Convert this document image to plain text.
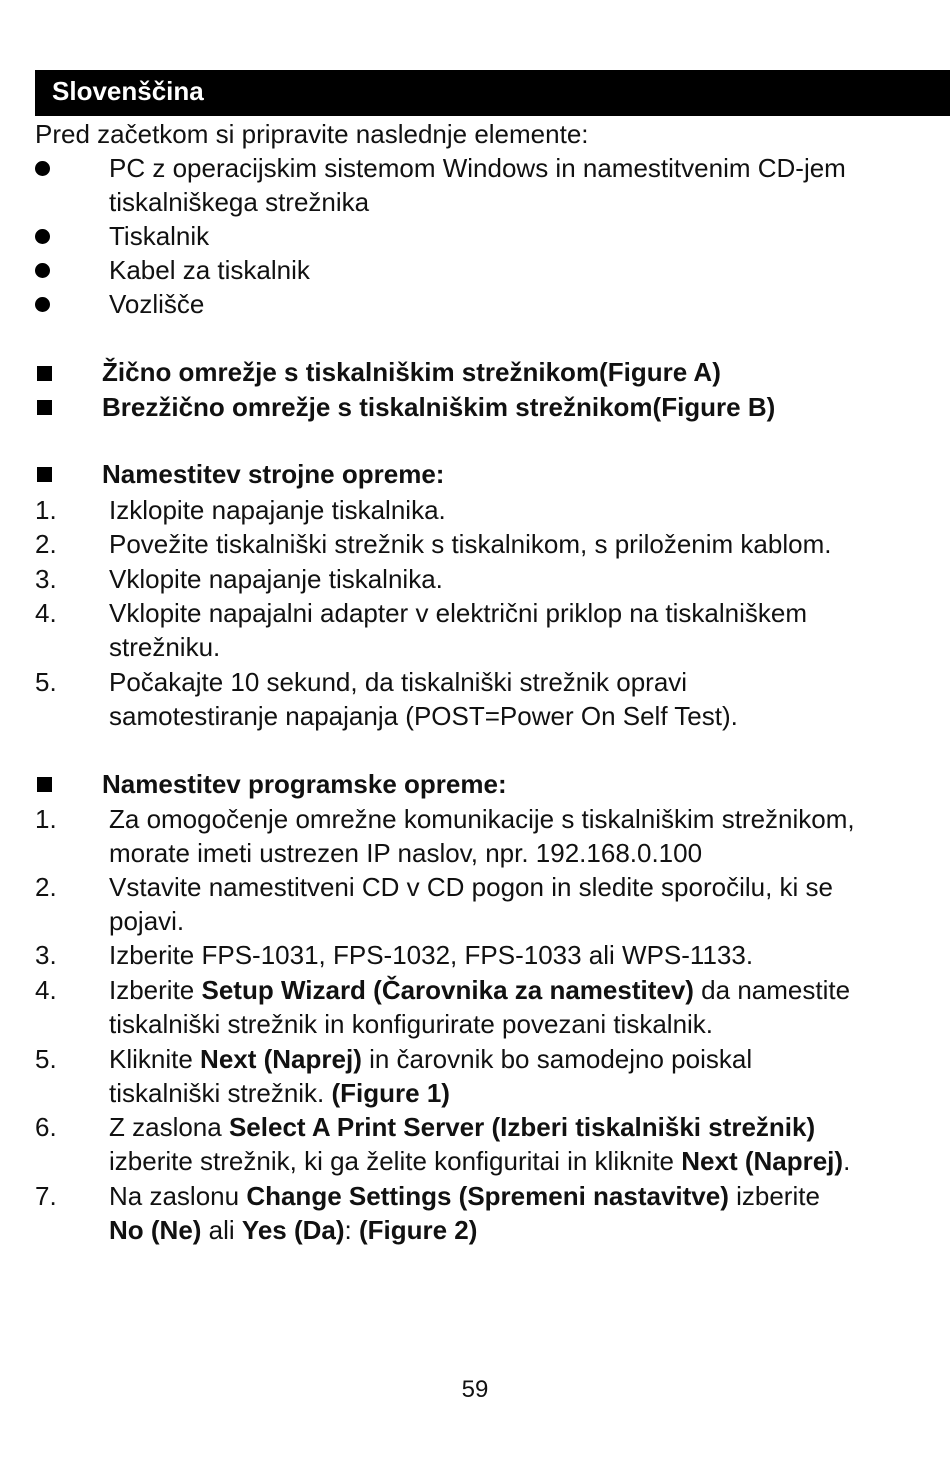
Slovenščina
Pred začetkom si pripravite naslednje elemente:
PC z operacijskim sistemom Windows in namestitvenim CD-jem
tiskalniškega strežnika
Tiskalnik
Kabel za tiskalnik
Vozlišče
Žično omrežje s tiskalniškim strežnikom(Figure A)
Brezžično omrežje s tiskalniškim strežnikom(Figure B)
Namestitev strojne opreme:
1. Izklopite napajanje tiskalnika.
2. Povežite tiskalniški strežnik s tiskalnikom, s priloženim kablom.
3. Vklopite napajanje tiskalnika.
4. Vklopite napajalni adapter v električni priklop na tiskalniškem
strežniku.
5. Počakajte 10 sekund, da tiskalniški strežnik opravi
samotestiranje napajanja (POST=Power On Self Test).
Namestitev programske opreme:
1. Za omogočenje omrežne komunikacije s tiskalniškim strežnikom,
morate imeti ustrezen IP naslov, npr. 192.168.0.100
2. Vstavite namestitveni CD v CD pogon in sledite sporočilu, ki se
pojavi.
3. Izberite FPS-1031, FPS-1032, FPS-1033 ali WPS-1133.
4. Izberite Setup Wizard (Čarovnika za namestitev) da namestite
tiskalniški strežnik in konfigurirate povezani tiskalnik.
5. Kliknite Next (Naprej) in čarovnik bo samodejno poiskal
tiskalniški strežnik. (Figure 1)
6. Z zaslona Select A Print Server (Izberi tiskalniški strežnik)
izberite strežnik, ki ga želite konfiguritai in kliknite Next (Naprej).
7. Na zaslonu Change Settings (Spremeni nastavitve) izberite
No (Ne) ali Yes (Da): (Figure 2)
59
